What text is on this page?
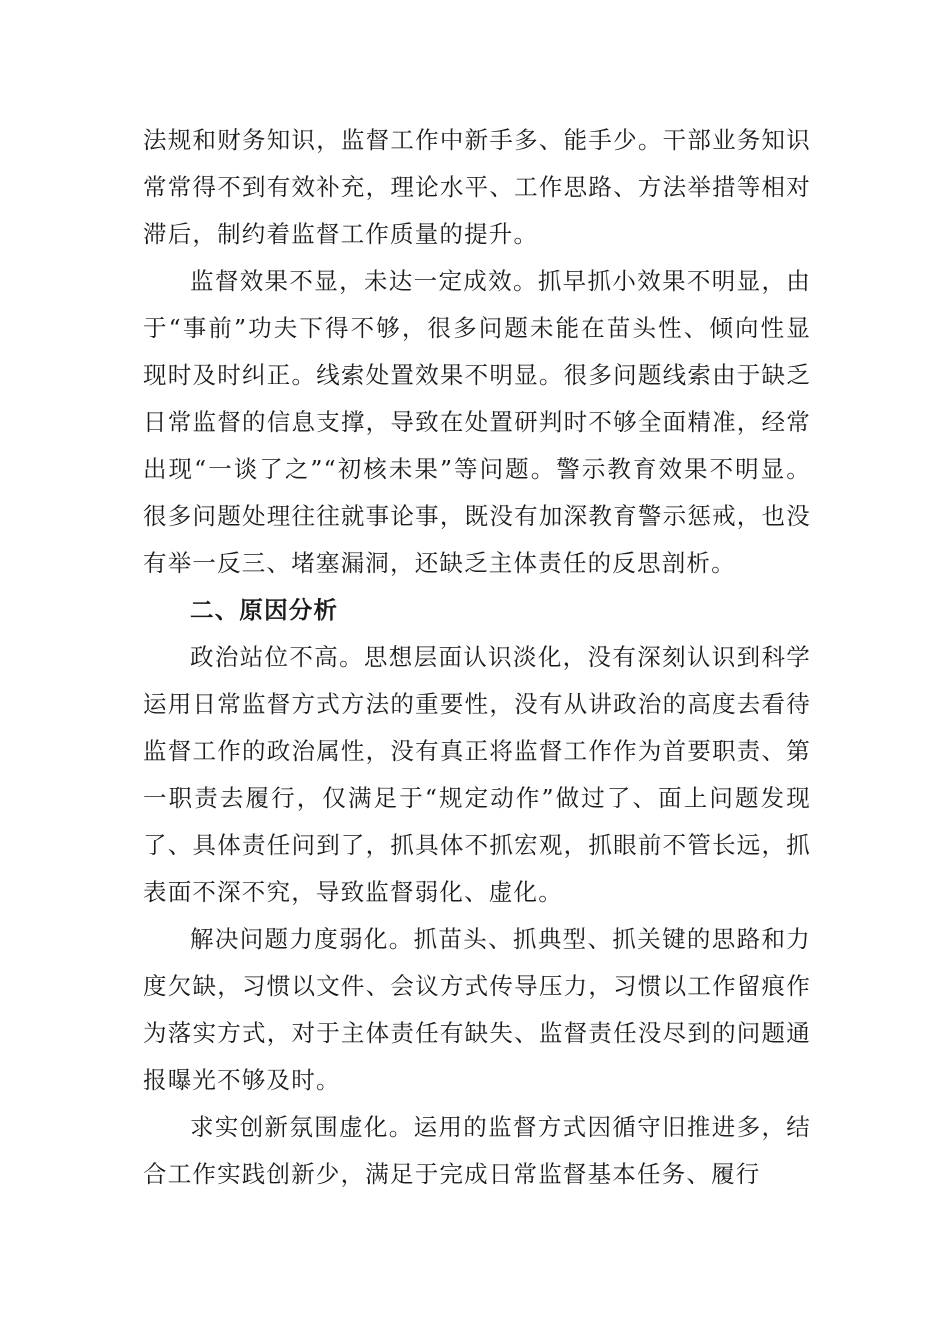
法规和财务知识，监督工作中新手多、能手少。干部业务知识常常得不到有效补充，理论水平、工作思路、方法举措等相对滞后，制约着监督工作质量的提升。

监督效果不显，未达一定成效。抓早抓小效果不明显，由于“事前”功夫下得不够，很多问题未能在苗头性、倾向性显现时及时纠正。线索处置效果不明显。很多问题线索由于缺乏日常监督的信息支撑，导致在处置研判时不够全面精准，经常出现“一谈了之”“初核未果”等问题。警示教育效果不明显。很多问题处理往往就事论事，既没有加深教育警示惩戒，也没有举一反三、堵塞漏洞，还缺乏主体责任的反思剖析。

二、原因分析

政治站位不高。思想层面认识淡化，没有深刻认识到科学运用日常监督方式方法的重要性，没有从讲政治的高度去看待监督工作的政治属性，没有真正将监督工作作为首要职责、第一职责去履行，仅满足于“规定动作”做过了、面上问题发现了、具体责任问到了，抓具体不抓宏观，抓眼前不管长远，抓表面不深不究，导致监督弱化、虚化。

解决问题力度弱化。抓苗头、抓典型、抓关键的思路和力度欠缺，习惯以文件、会议方式传导压力，习惯以工作留痕作为落实方式，对于主体责任有缺失、监督责任没尽到的问题通报曝光不够及时。

求实创新氛围虚化。运用的监督方式因循守旧推进多，结合工作实践创新少，满足于完成日常监督基本任务、履行
